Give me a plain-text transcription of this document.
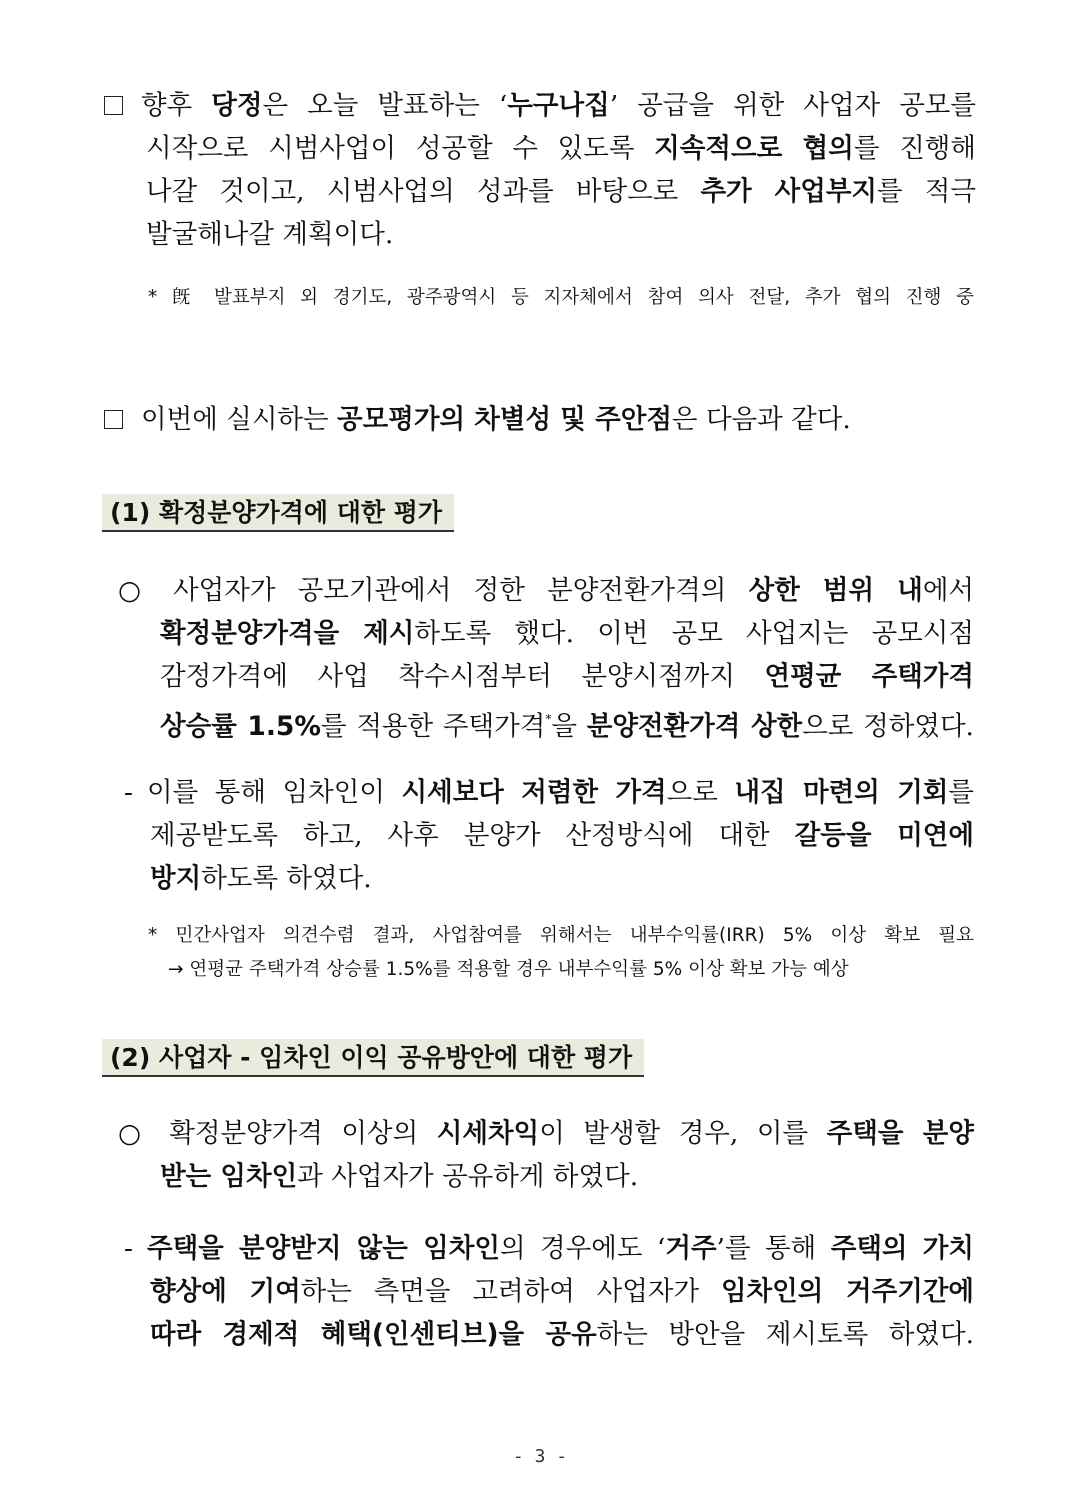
향후 당정은 오늘 발표하는 ‘누구나집’ 공급을 위한 사업자 공모를
시작으로 시범사업이 성공할 수 있도록 지속적으로 협의를 진행해
나갈 것이고, 시범사업의 성과를 바탕으로 추가 사업부지를 적극
발굴해나갈 계획이다.
* 旣 발표부지 외 경기도, 광주광역시 등 지자체에서 참여 의사 전달, 추가 협의 진행 중
이번에 실시하는 공모평가의 차별성 및 주안점은 다음과 같다.
(1) 확정분양가격에 대한 평가
○ 사업자가 공모기관에서 정한 분양전환가격의 상한 범위 내에서
확정분양가격을 제시하도록 했다. 이번 공모 사업지는 공모시점
감정가격에 사업 착수시점부터 분양시점까지 연평균 주택가격
상승률 1.5%를 적용한 주택가격*을 분양전환가격 상한으로 정하였다.
- 이를 통해 임차인이 시세보다 저렴한 가격으로 내집 마련의 기회를
제공받도록 하고, 사후 분양가 산정방식에 대한 갈등을 미연에
방지하도록 하였다.
* 민간사업자 의견수렴 결과, 사업참여를 위해서는 내부수익률(IRR) 5% 이상 확보 필요
→ 연평균 주택가격 상승률 1.5%를 적용할 경우 내부수익률 5% 이상 확보 가능 예상
(2) 사업자 - 임차인 이익 공유방안에 대한 평가
○ 확정분양가격 이상의 시세차익이 발생할 경우, 이를 주택을 분양
받는 임차인과 사업자가 공유하게 하였다.
- 주택을 분양받지 않는 임차인의 경우에도 ‘거주’를 통해 주택의 가치
향상에 기여하는 측면을 고려하여 사업자가 임차인의 거주기간에
따라 경제적 혜택(인센티브)을 공유하는 방안을 제시토록 하였다.
- 3 -
